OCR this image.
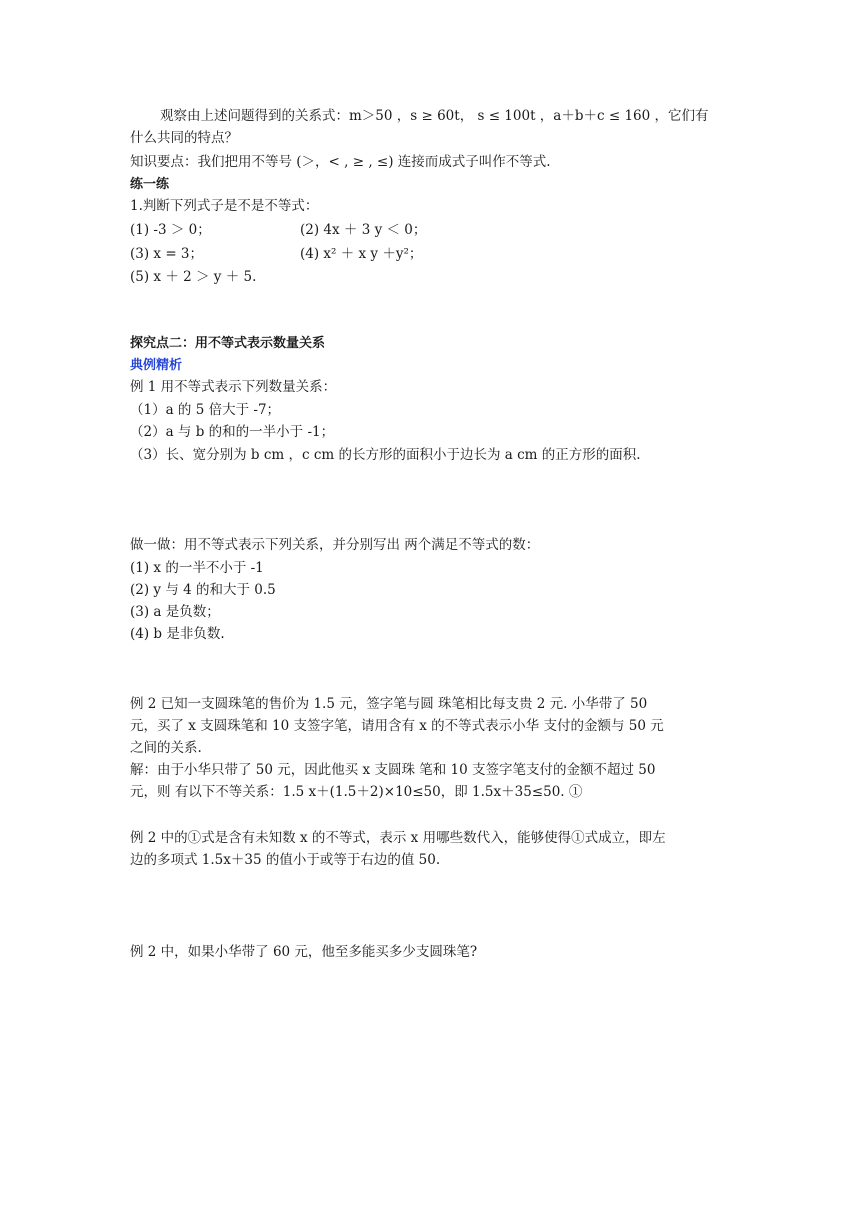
观察由上述问题得到的关系式：m＞50 ，s ≥ 60t， s ≤ 100t ，a＋b＋c ≤ 160 ，它们有
什么共同的特点？
知识要点：我们把用不等号 (＞，< , ≥ , ≤) 连接而成式子叫作不等式.
练一练
1.判断下列式子是不是不等式：
(1) -3 ＞ 0；	(2) 4x ＋ 3 y ＜ 0；
(3) x = 3；	(4) x² ＋ x y ＋y²；
(5) x ＋ 2 ＞ y ＋ 5.
探究点二：用不等式表示数量关系
典例精析
例 1 用不等式表示下列数量关系：
（1）a 的 5 倍大于 -7；
（2）a 与 b 的和的一半小于 -1；
（3）长、宽分别为 b cm ，c cm 的长方形的面积小于边长为 a cm 的正方形的面积.
做一做：用不等式表示下列关系，并分别写出 两个满足不等式的数：
(1) x 的一半不小于 -1
(2) y 与 4 的和大于 0.5
(3) a 是负数；
(4) b 是非负数.
例 2 已知一支圆珠笔的售价为 1.5 元，签字笔与圆 珠笔相比每支贵 2 元. 小华带了 50
元，买了 x 支圆珠笔和 10 支签字笔，请用含有 x 的不等式表示小华 支付的金额与 50 元
之间的关系.
解：由于小华只带了 50 元，因此他买 x 支圆珠 笔和 10 支签字笔支付的金额不超过 50
元，则 有以下不等关系：1.5 x＋(1.5＋2)×10≤50，即 1.5x＋35≤50. ①
例 2 中的①式是含有未知数 x 的不等式，表示 x 用哪些数代入，能够使得①式成立，即左
边的多项式 1.5x＋35 的值小于或等于右边的值 50.
例 2 中，如果小华带了 60 元，他至多能买多少支圆珠笔?
